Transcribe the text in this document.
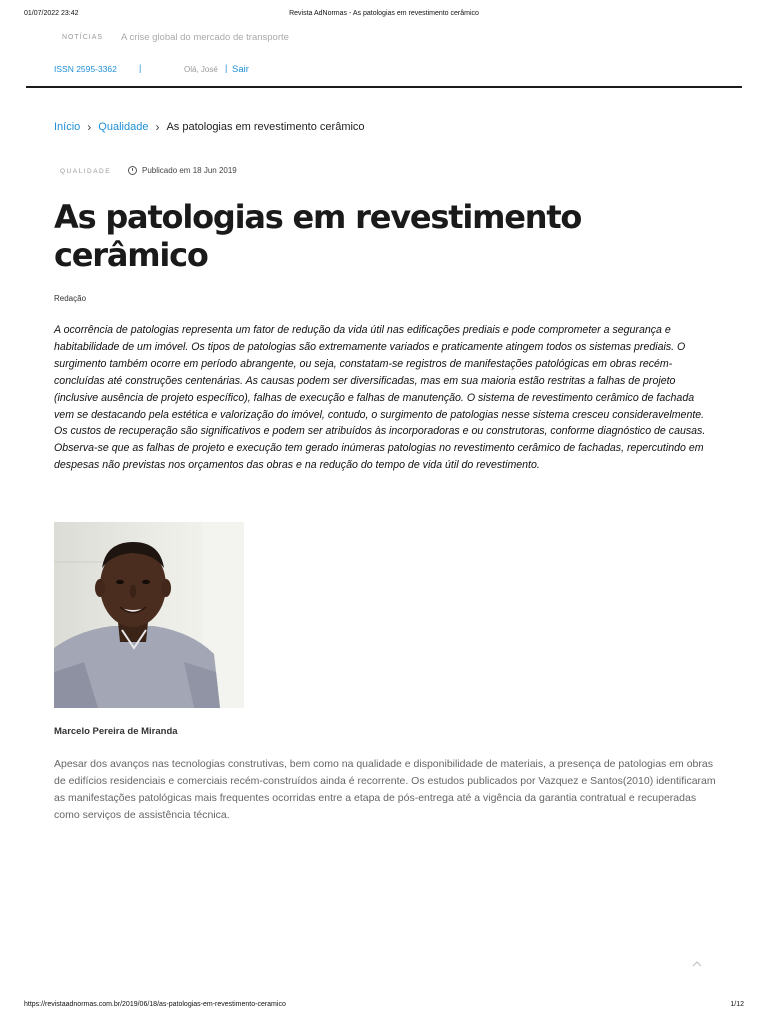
01/07/2022 23:42	Revista AdNormas - As patologias em revestimento cerâmico
NOTÍCIAS A crise global do mercado de transporte
ISSN 2595-3362 |	Olá, José | Sair
Início › Qualidade › As patologias em revestimento cerâmico
QUALIDADE	Publicado em 18 Jun 2019
As patologias em revestimento cerâmico
Redação

A ocorrência de patologias representa um fator de redução da vida útil nas edificações prediais e pode comprometer a segurança e habitabilidade de um imóvel. Os tipos de patologias são extremamente variados e praticamente atingem todos os sistemas prediais. O surgimento também ocorre em período abrangente, ou seja, constatam-se registros de manifestações patológicas em obras recém-concluídas até construções centenárias. As causas podem ser diversificadas, mas em sua maioria estão restritas a falhas de projeto (inclusive ausência de projeto específico), falhas de execução e falhas de manutenção. O sistema de revestimento cerâmico de fachada vem se destacando pela estética e valorização do imóvel, contudo, o surgimento de patologias nesse sistema cresceu consideravelmente. Os custos de recuperação são significativos e podem ser atribuídos às incorporadoras e ou construtoras, conforme diagnóstico de causas. Observa-se que as falhas de projeto e execução tem gerado inúmeras patologias no revestimento cerâmico de fachadas, repercutindo em despesas não previstas nos orçamentos das obras e na redução do tempo de vida útil do revestimento.

Marcelo Pereira de Miranda

Apesar dos avanços nas tecnologias construtivas, bem como na qualidade e disponibilidade de materiais, a presença de patologias em obras de edifícios residenciais e comerciais recém-construídos ainda é recorrente. Os estudos publicados por Vazquez e Santos(2010) identificaram as manifestações patológicas mais frequentes ocorridas entre a etapa de pós-entrega até a vigência da garantia contratual e recuperadas como serviços de assistência técnica.

https://revistaadnormas.com.br/2019/06/18/as-patologias-em-revestimento-ceramico	1/12
